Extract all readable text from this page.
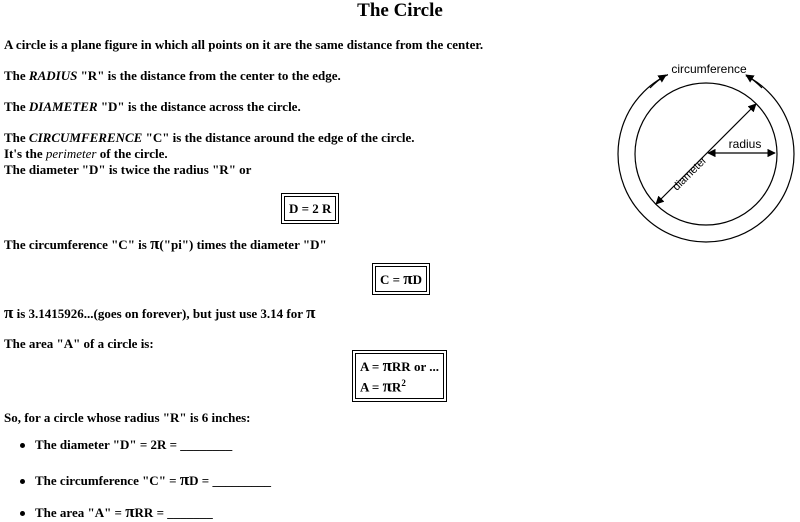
The Circle
A circle is a plane figure in which all points on it are the same distance from the center.
The RADIUS "R" is the distance from the center to the edge.
The DIAMETER "D" is the distance across the circle.
The CIRCUMFERENCE "C" is the distance around the edge of the circle.
It's the perimeter of the circle.
The diameter "D" is twice the radius "R" or
D = 2 R
The circumference "C" is π("pi") times the diameter "D"
C = πD
π is 3.1415926...(goes on forever), but just use 3.14 for π
The area "A" of a circle is:
A = πRR or ...
$A = \pi R^2$
So, for a circle whose radius "R" is 6 inches:
The diameter "D" = 2R = ________
The circumference "C" = πD = _________
The area "A" = πRR = _______
circumference
diameter
radius
